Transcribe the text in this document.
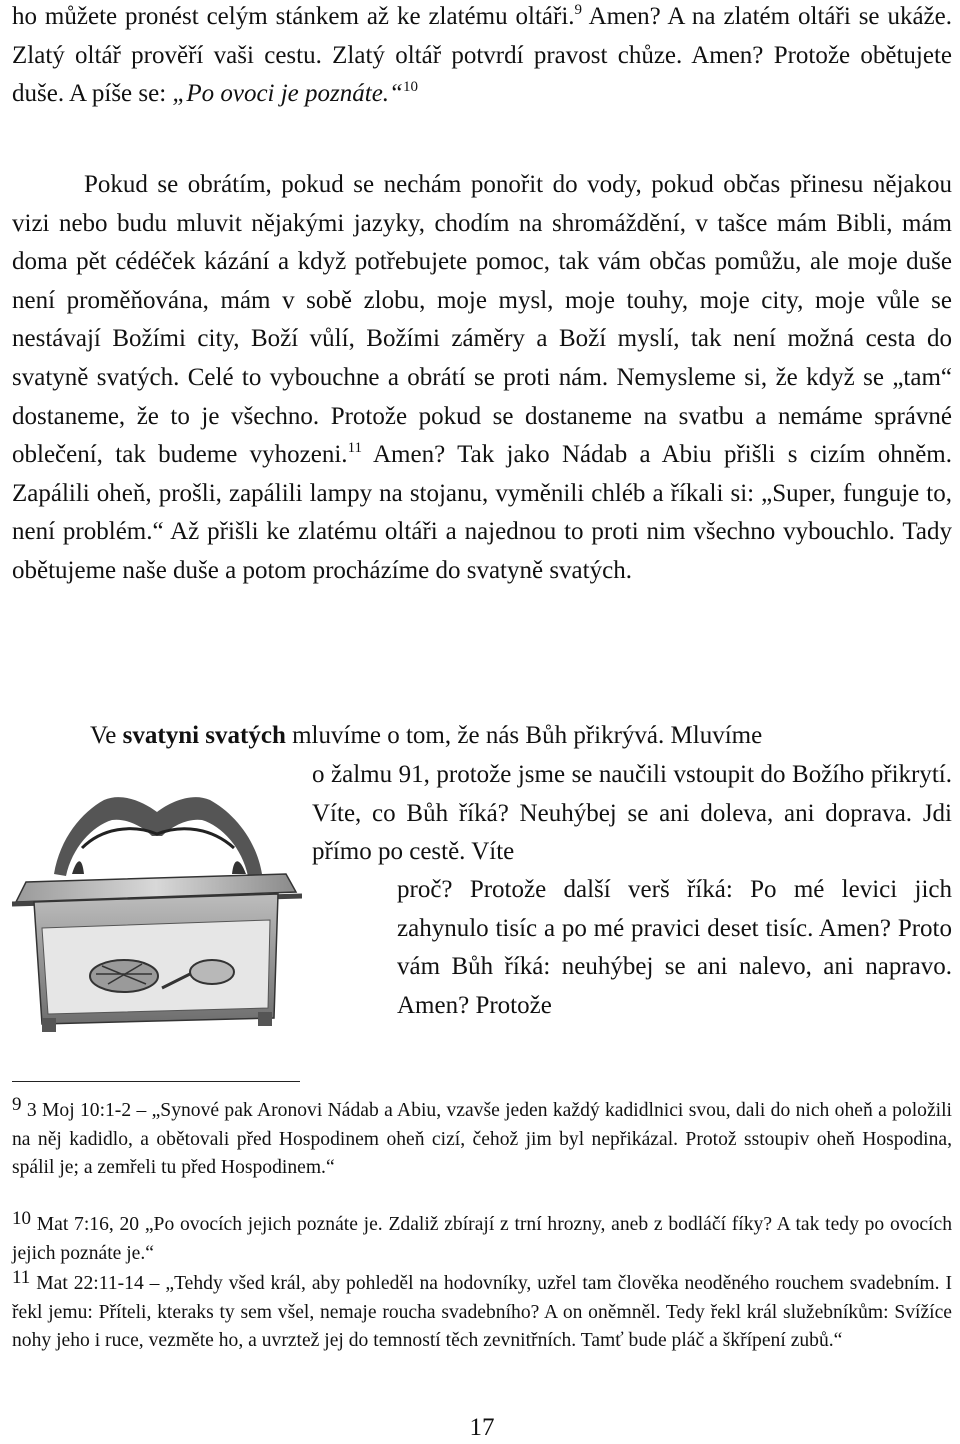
ho můžete pronést celým stánkem až ke zlatému oltáři.$^9$ Amen? A na zlatém oltáři se ukáže. Zlatý oltář prověří vaši cestu. Zlatý oltář potvrdí pravost chůze. Amen? Protože obětujete duše. A píše se: „Po ovoci je poznáte.“$^{10}$

Pokud se obrátím, pokud se nechám ponořit do vody, pokud občas přinesu nějakou vizi nebo budu mluvit nějakými jazyky, chodím na shromáždění, v tašce mám Bibli, mám doma pět cédéček kázání a když potřebujete pomoc, tak vám občas pomůžu, ale moje duše není proměňována, mám v sobě zlobu, moje mysl, moje touhy, moje city, moje vůle se nestávají Božími city, Boží vůlí, Božími záměry a Boží myslí, tak není možná cesta do svatyně svatých. Celé to vybouchne a obrátí se proti nám. Nemysleme si, že když se „tam“ dostaneme, že to je všechno. Protože pokud se dostaneme na svatbu a nemáme správné oblečení, tak budeme vyhozeni.$^{11}$ Amen? Tak jako Nádab a Abiu přišli s cizím ohněm. Zapálili oheň, prošli, zapálili lampy na stojanu, vyměnili chléb a říkali si: „Super, funguje to, není problém.“ Až přišli ke zlatému oltáři a najednou to proti nim všechno vybouchlo. Tady obětujeme naše duše a potom procházíme do svatyně svatých.

Ve svatyni svatých mluvíme o tom, že nás Bůh přikrývá. Mluvíme

o žalmu 91, protože jsme se naučili vstoupit do Božího přikrytí. Víte, co Bůh říká? Neuhýbej se ani doleva, ani doprava. Jdi přímo po cestě. Víte

proč? Protože další verš říká: Po mé levici jich zahynulo tisíc a po mé pravici deset tisíc. Amen? Proto vám Bůh říká: neuhýbej se ani nalevo, ani napravo. Amen? Protože

$^9$ 3 Moj 10:1-2 – „Synové pak Aronovi Nádab a Abiu, vzavše jeden každý kadidlnici svou, dali do nich oheň a položili na něj kadidlo, a obětovali před Hospodinem oheň cizí, čehož jim byl nepřikázal. Protož sstoupiv oheň Hospodina, spálil je; a zemřeli tu před Hospodinem.“

$^{10}$ Mat 7:16, 20 „Po ovocích jejich poznáte je. Zdaliž zbírají z trní hrozny, aneb z bodláčí fíky? A tak tedy po ovocích jejich poznáte je.“

$^{11}$ Mat 22:11-14 – „Tehdy všed král, aby pohleděl na hodovníky, uzřel tam člověka neoděného rouchem svadebním. I řekl jemu: Příteli, kteraks ty sem všel, nemaje roucha svadebního? A on oněmněl. Tedy řekl král služebníkům: Svížíce nohy jeho i ruce, vezměte ho, a uvrztež jej do temností těch zevnitřních. Tamť bude pláč a škřípení zubů.“

17
